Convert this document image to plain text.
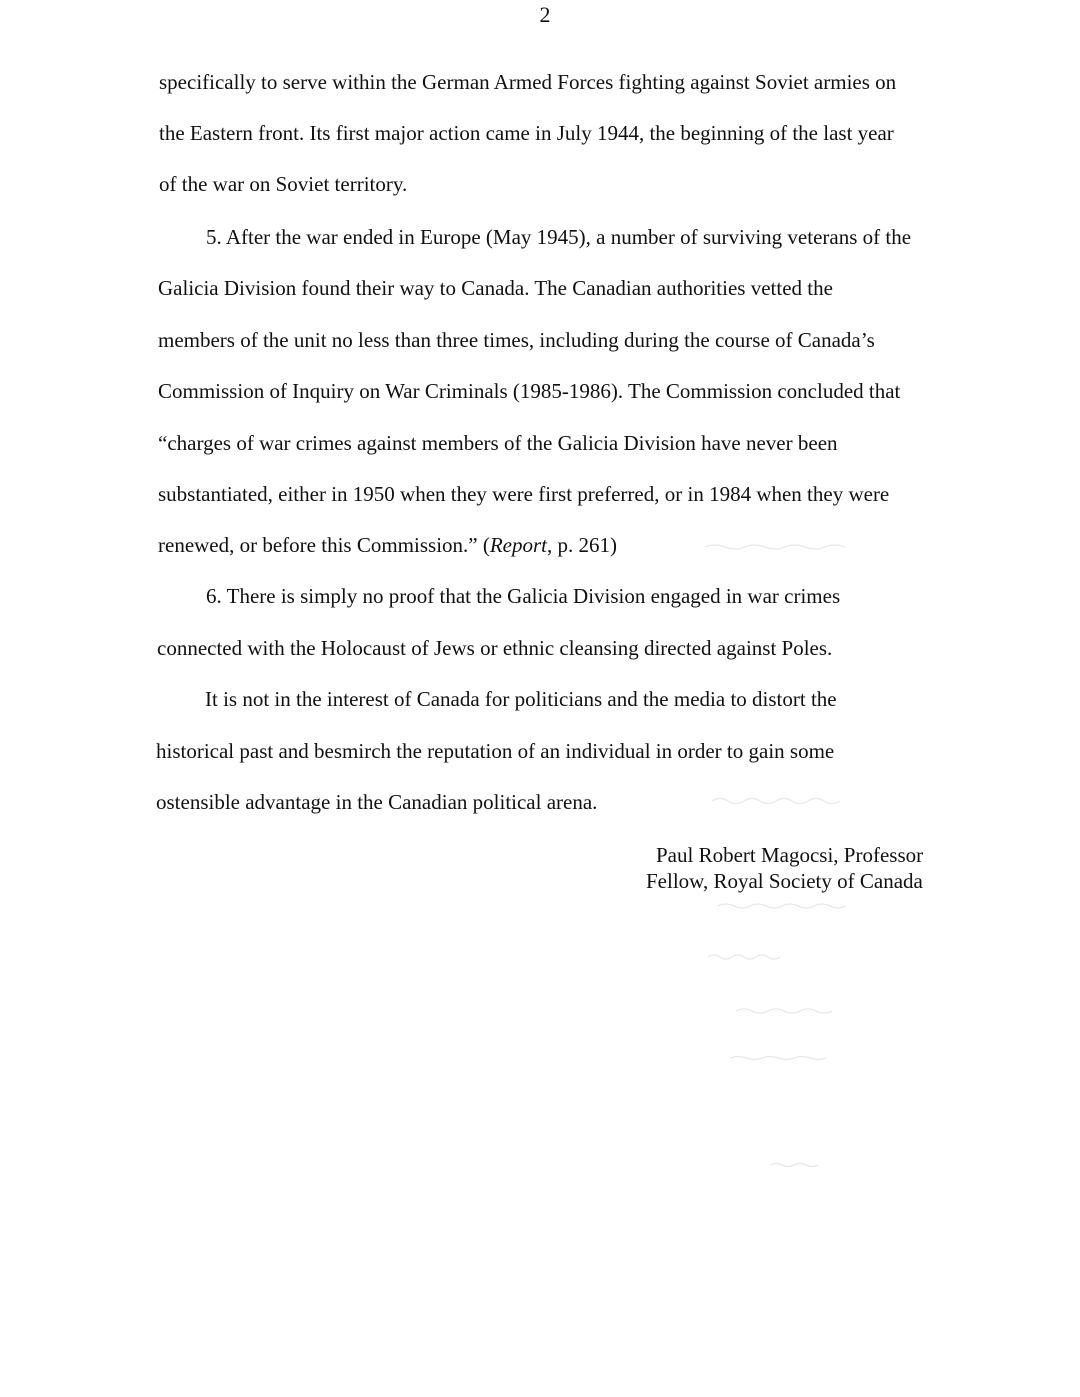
2
specifically to serve within the German Armed Forces fighting against Soviet armies on
the Eastern front. Its first major action came in July 1944, the beginning of the last year
of the war on Soviet territory.
5. After the war ended in Europe (May 1945), a number of surviving veterans of the
Galicia Division found their way to Canada. The Canadian authorities vetted the
members of the unit no less than three times, including during the course of Canada’s
Commission of Inquiry on War Criminals (1985-1986). The Commission concluded that
“charges of war crimes against members of the Galicia Division have never been
substantiated, either in 1950 when they were first preferred, or in 1984 when they were
renewed, or before this Commission.” (Report, p. 261)
6. There is simply no proof that the Galicia Division engaged in war crimes
connected with the Holocaust of Jews or ethnic cleansing directed against Poles.
It is not in the interest of Canada for politicians and the media to distort the
historical past and besmirch the reputation of an individual in order to gain some
ostensible advantage in the Canadian political arena.
Paul Robert Magocsi, Professor
Fellow, Royal Society of Canada
